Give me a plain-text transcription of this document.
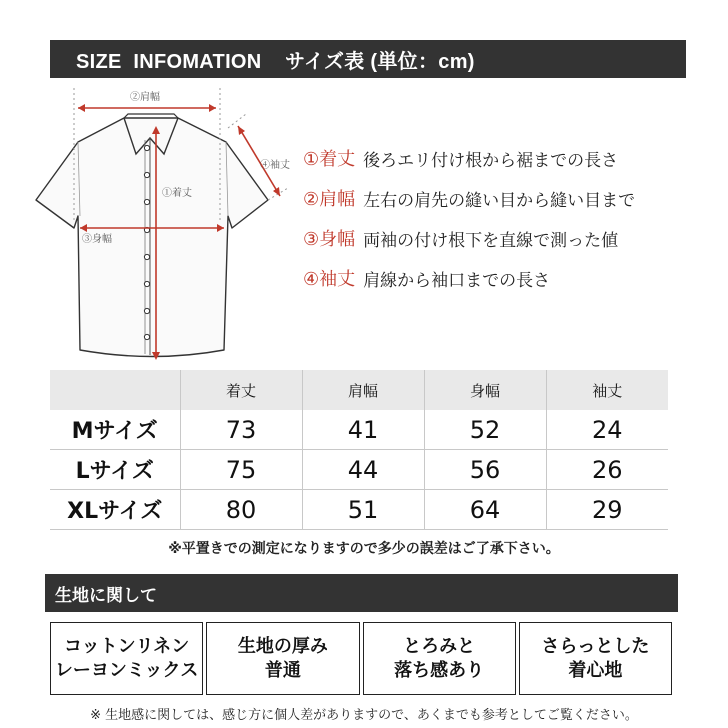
SIZE  INFOMATION    サイズ表 (単位：cm)
②肩幅
①着丈
③身幅
④袖丈 ①着丈 後ろエリ付け根から裾までの長さ
②肩幅 左右の肩先の縫い目から縫い目まで
③身幅 両袖の付け根下を直線で測った値
④袖丈 肩線から袖口までの長さ
	着丈	肩幅	身幅	袖丈
Mサイズ	73	41	52	24
Lサイズ	75	44	56	26
XLサイズ	80	51	64	29
※平置きでの測定になりますので多少の誤差はご了承下さい。
生地に関して
コットンリネン
レーヨンミックス
生地の厚み
普通
とろみと
落ち感あり
さらっとした
着心地
※ 生地感に関しては、感じ方に個人差がありますので、あくまでも参考としてご覧ください。
